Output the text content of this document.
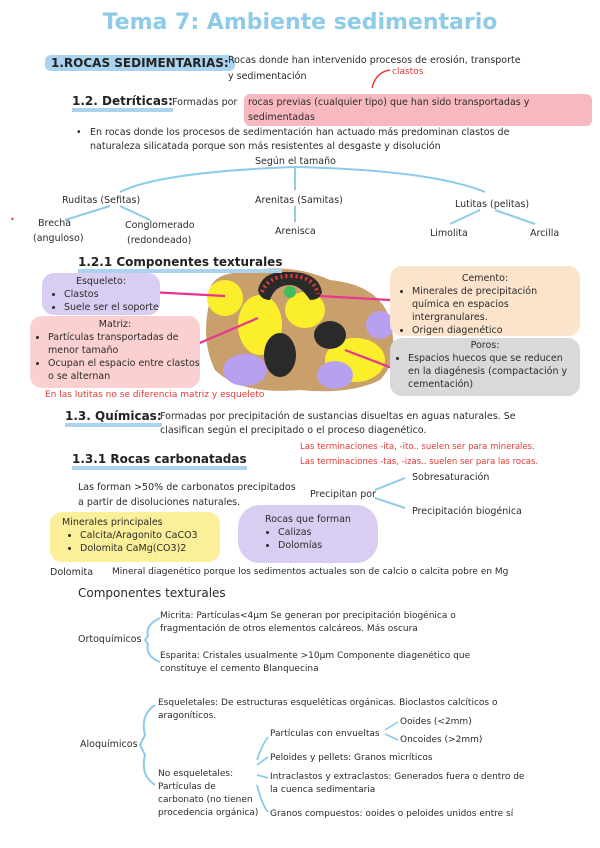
Tema 7: Ambiente sedimentario
1.ROCAS SEDIMENTARIAS: Rocas donde han intervenido procesos de erosión, transporte
y sedimentación	clastos
1.2. Detríticas: Formadas por	rocas previas (cualquier tipo) que han sido transportadas y sedimentadas
• En rocas donde los procesos de sedimentación han actuado más predominan clastos de
naturaleza silicatada porque son más resistentes al desgaste y disolución
Según el tamaño
Ruditas (Sefitas)	Arenitas (Samitas)	Lutitas (pelitas)
• Brecha
(anguloso)
Conglomerado
(redondeado)
Arenisca	Limolita	Arcilla
1.2.1 Componentes texturales
Esqueleto:
• Clastos
• Suele ser el soporte
Matriz:
• Partículas transportadas de menor tamaño
• Ocupan el espacio entre clastos o se alternan
Cemento:
• Minerales de precipitación química en espacios intergranulares.
• Origen diagenético
Poros:
• Espacios huecos que se reducen en la diagénesis (compactación y cementación)
En las lutitas no se diferencia matriz y esqueleto
1.3. Químicas:
Formadas por precipitación de sustancias disueltas en aguas naturales. Se
clasifican según el precipitado o el proceso diagenético.
Las terminaciones -ita, -ito.. suelen ser para minerales.
Las terminaciones -tas, -izas.. suelen ser para las rocas.
1.3.1 Rocas carbonatadas
Las forman >50% de carbonatos precipitados
a partir de disoluciones naturales.
Precipitan por
Sobresaturación
Precipitación biogénica
Minerales principales
• Calcita/Aragonito CaCO3
• Dolomita CaMg(CO3)2
Rocas que forman
• Calizas
• Dolomías
Dolomita Mineral diagenético porque los sedimentos actuales son de calcio o calcita pobre en Mg
Componentes texturales
Ortoquímicos
Micrita: Partículas<4μm Se generan por precipitación biogénica o
fragmentación de otros elementos calcáreos. Más oscura
Esparita: Cristales usualmente >10μm Componente diagenético que
constituye el cemento Blanquecina
Aloquímicos
Esqueletales: De estructuras esqueléticas orgánicas. Bioclastos calcíticos o
aragoníticos.
No esqueletales:
Partículas de
carbonato (no tienen
procedencia orgánica)
Partículas con envueltas
Ooides (<2mm)
Oncoides (>2mm)
Peloides y pellets: Granos micríticos
Intraclastos y extraclastos: Generados fuera o dentro de
la cuenca sedimentaria
Granos compuestos: ooides o peloides unidos entre sí
